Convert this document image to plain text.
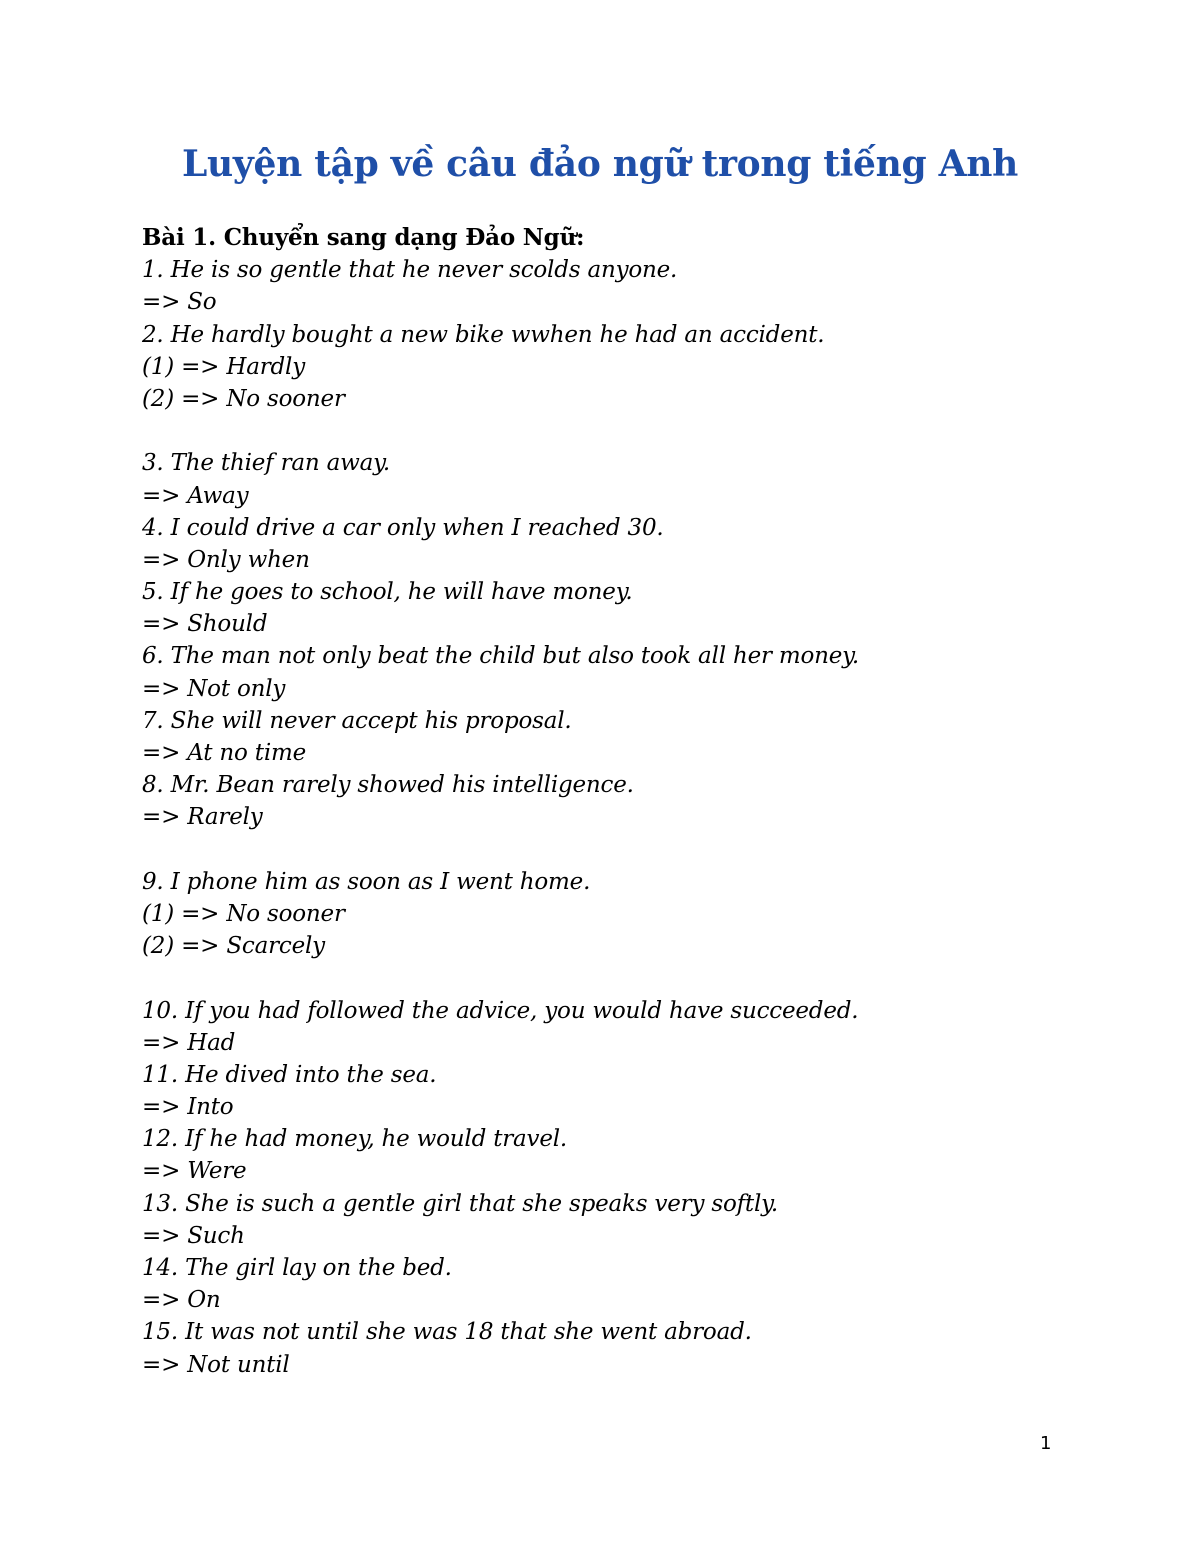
Luyện tập về câu đảo ngữ trong tiếng Anh
Bài 1. Chuyển sang dạng Đảo Ngữ:
1. He is so gentle that he never scolds anyone.
=> So
2. He hardly bought a new bike wwhen he had an accident.
(1) => Hardly
(2) => No sooner
3. The thief ran away.
=> Away
4. I could drive a car only when I reached 30.
=> Only when
5. If he goes to school, he will have money.
=> Should
6. The man not only beat the child but also took all her money.
=> Not only
7. She will never accept his proposal.
=> At no time
8. Mr. Bean rarely showed his intelligence.
=> Rarely
9. I phone him as soon as I went home.
(1) => No sooner
(2) => Scarcely
10. If you had followed the advice, you would have succeeded.
=> Had
11. He dived into the sea.
=> Into
12. If he had money, he would travel.
=> Were
13. She is such a gentle girl that she speaks very softly.
=> Such
14. The girl lay on the bed.
=> On
15. It was not until she was 18 that she went abroad.
=> Not until
1
